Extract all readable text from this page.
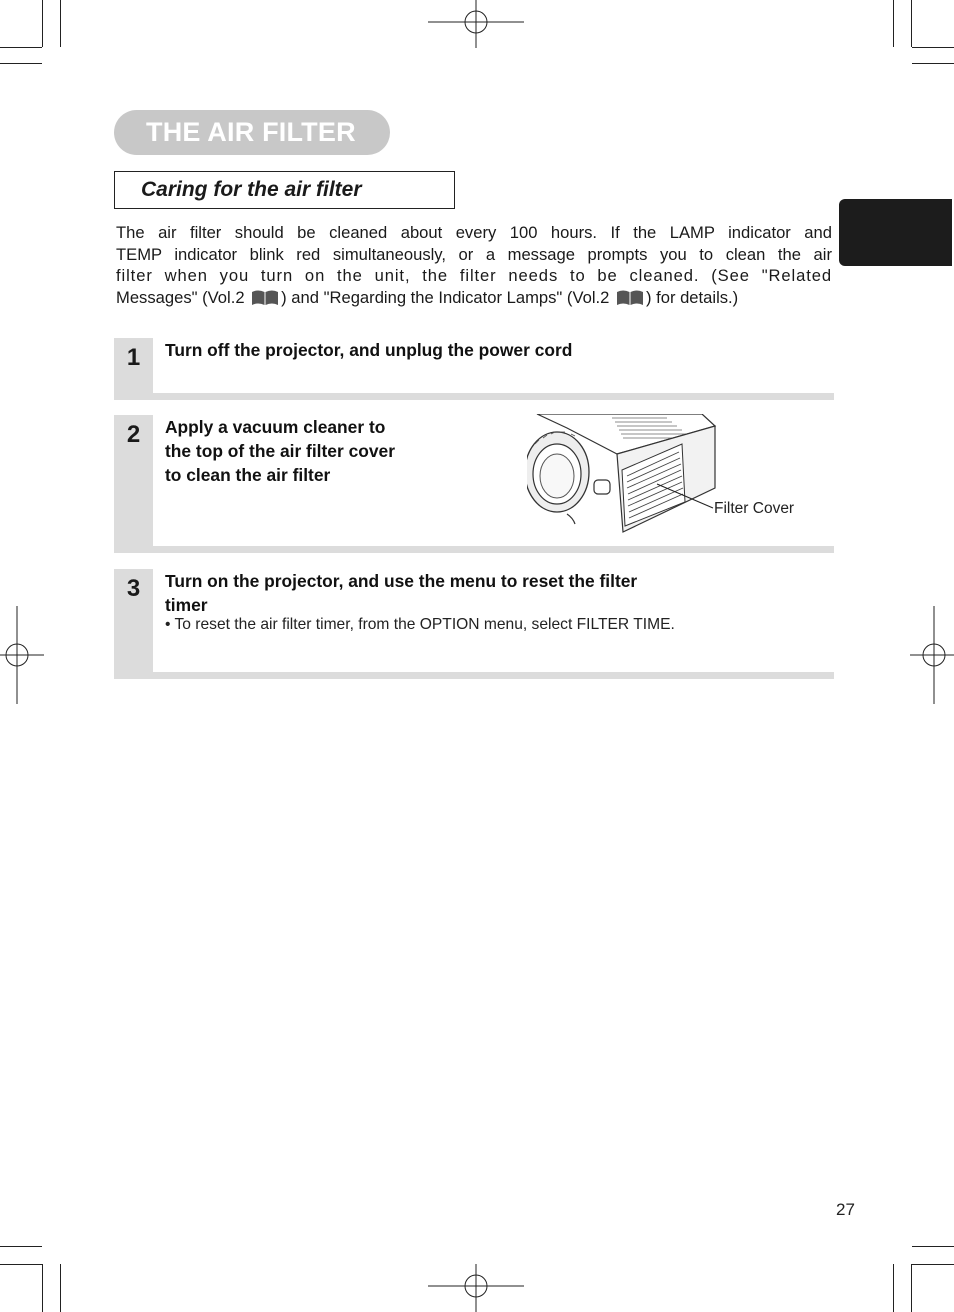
THE AIR FILTER
Caring for the air filter
The air filter should be cleaned about every 100 hours. If the LAMP indicator and
TEMP indicator blink red simultaneously, or a message prompts you to clean the air
filter when you turn on the unit, the filter needs to be cleaned. (See "Related
Messages" (Vol.2 ) and "Regarding the Indicator Lamps" (Vol.2 ) for details.)
1	Turn off the projector, and unplug the power cord
2	Apply a vacuum cleaner to
the top of the air filter cover
to clean the air filter
Filter Cover
3	Turn on the projector, and use the menu to reset the filter
timer
• To reset the air filter timer, from the OPTION menu, select FILTER TIME.
27
